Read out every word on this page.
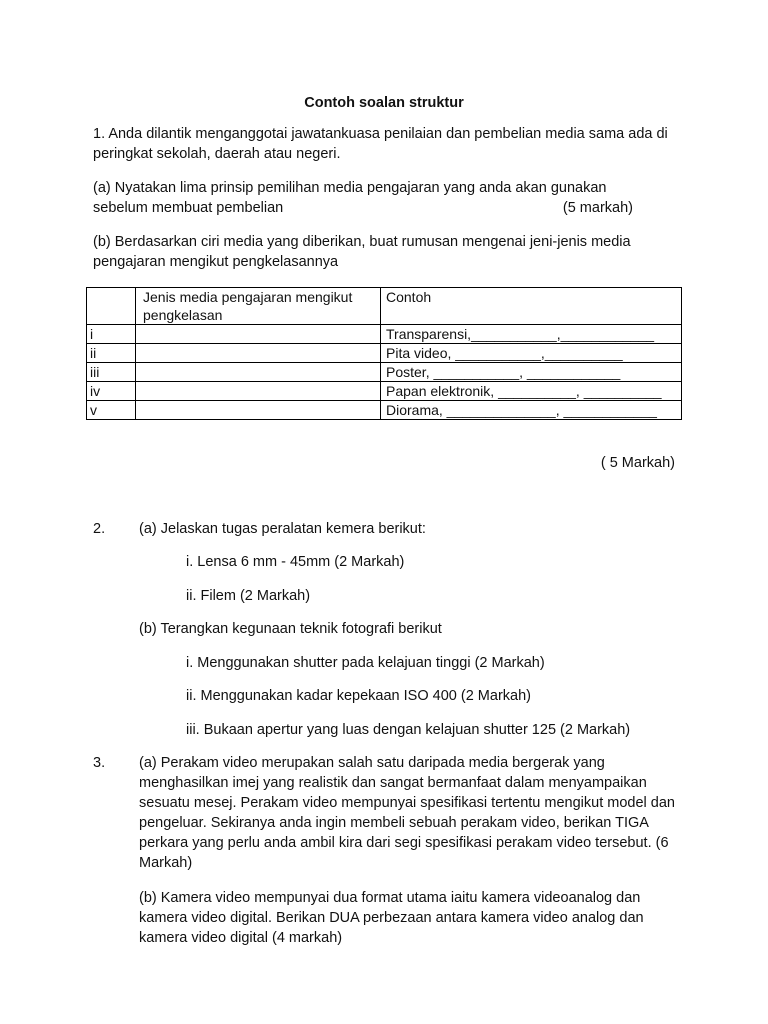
Contoh soalan struktur
1. Anda dilantik menganggotai jawatankuasa penilaian dan pembelian media sama ada di peringkat sekolah, daerah atau negeri.
(a) Nyatakan lima prinsip pemilihan media pengajaran yang anda akan gunakan
sebelum membuat pembelian	(5 markah)
(b) Berdasarkan ciri media yang diberikan, buat rumusan mengenai jeni-jenis media pengajaran mengikut pengkelasannya
	Jenis media pengajaran mengikut pengkelasan	Contoh
i		Transparensi,___________,____________
ii		Pita video, ___________,__________
iii		Poster, ___________, ____________
iv		Papan elektronik, __________, __________
v		Diorama, ______________, ____________
( 5 Markah)
2. (a) Jelaskan tugas peralatan kemera berikut:
i. Lensa 6 mm - 45mm (2 Markah)
ii. Filem (2 Markah)
(b) Terangkan kegunaan teknik fotografi berikut
i. Menggunakan shutter pada kelajuan tinggi (2 Markah)
ii. Menggunakan kadar kepekaan ISO 400 (2 Markah)
iii. Bukaan apertur yang luas dengan kelajuan shutter 125 (2 Markah)
3. (a) Perakam video merupakan salah satu daripada media bergerak yang menghasilkan imej yang realistik dan sangat bermanfaat dalam menyampaikan sesuatu mesej. Perakam video mempunyai spesifikasi tertentu mengikut model dan pengeluar. Sekiranya anda ingin membeli sebuah perakam video, berikan TIGA perkara yang perlu anda ambil kira dari segi spesifikasi perakam video tersebut. (6 Markah)
(b) Kamera video mempunyai dua format utama iaitu kamera videoanalog dan kamera video digital. Berikan DUA perbezaan antara kamera video analog dan kamera video digital (4 markah)
